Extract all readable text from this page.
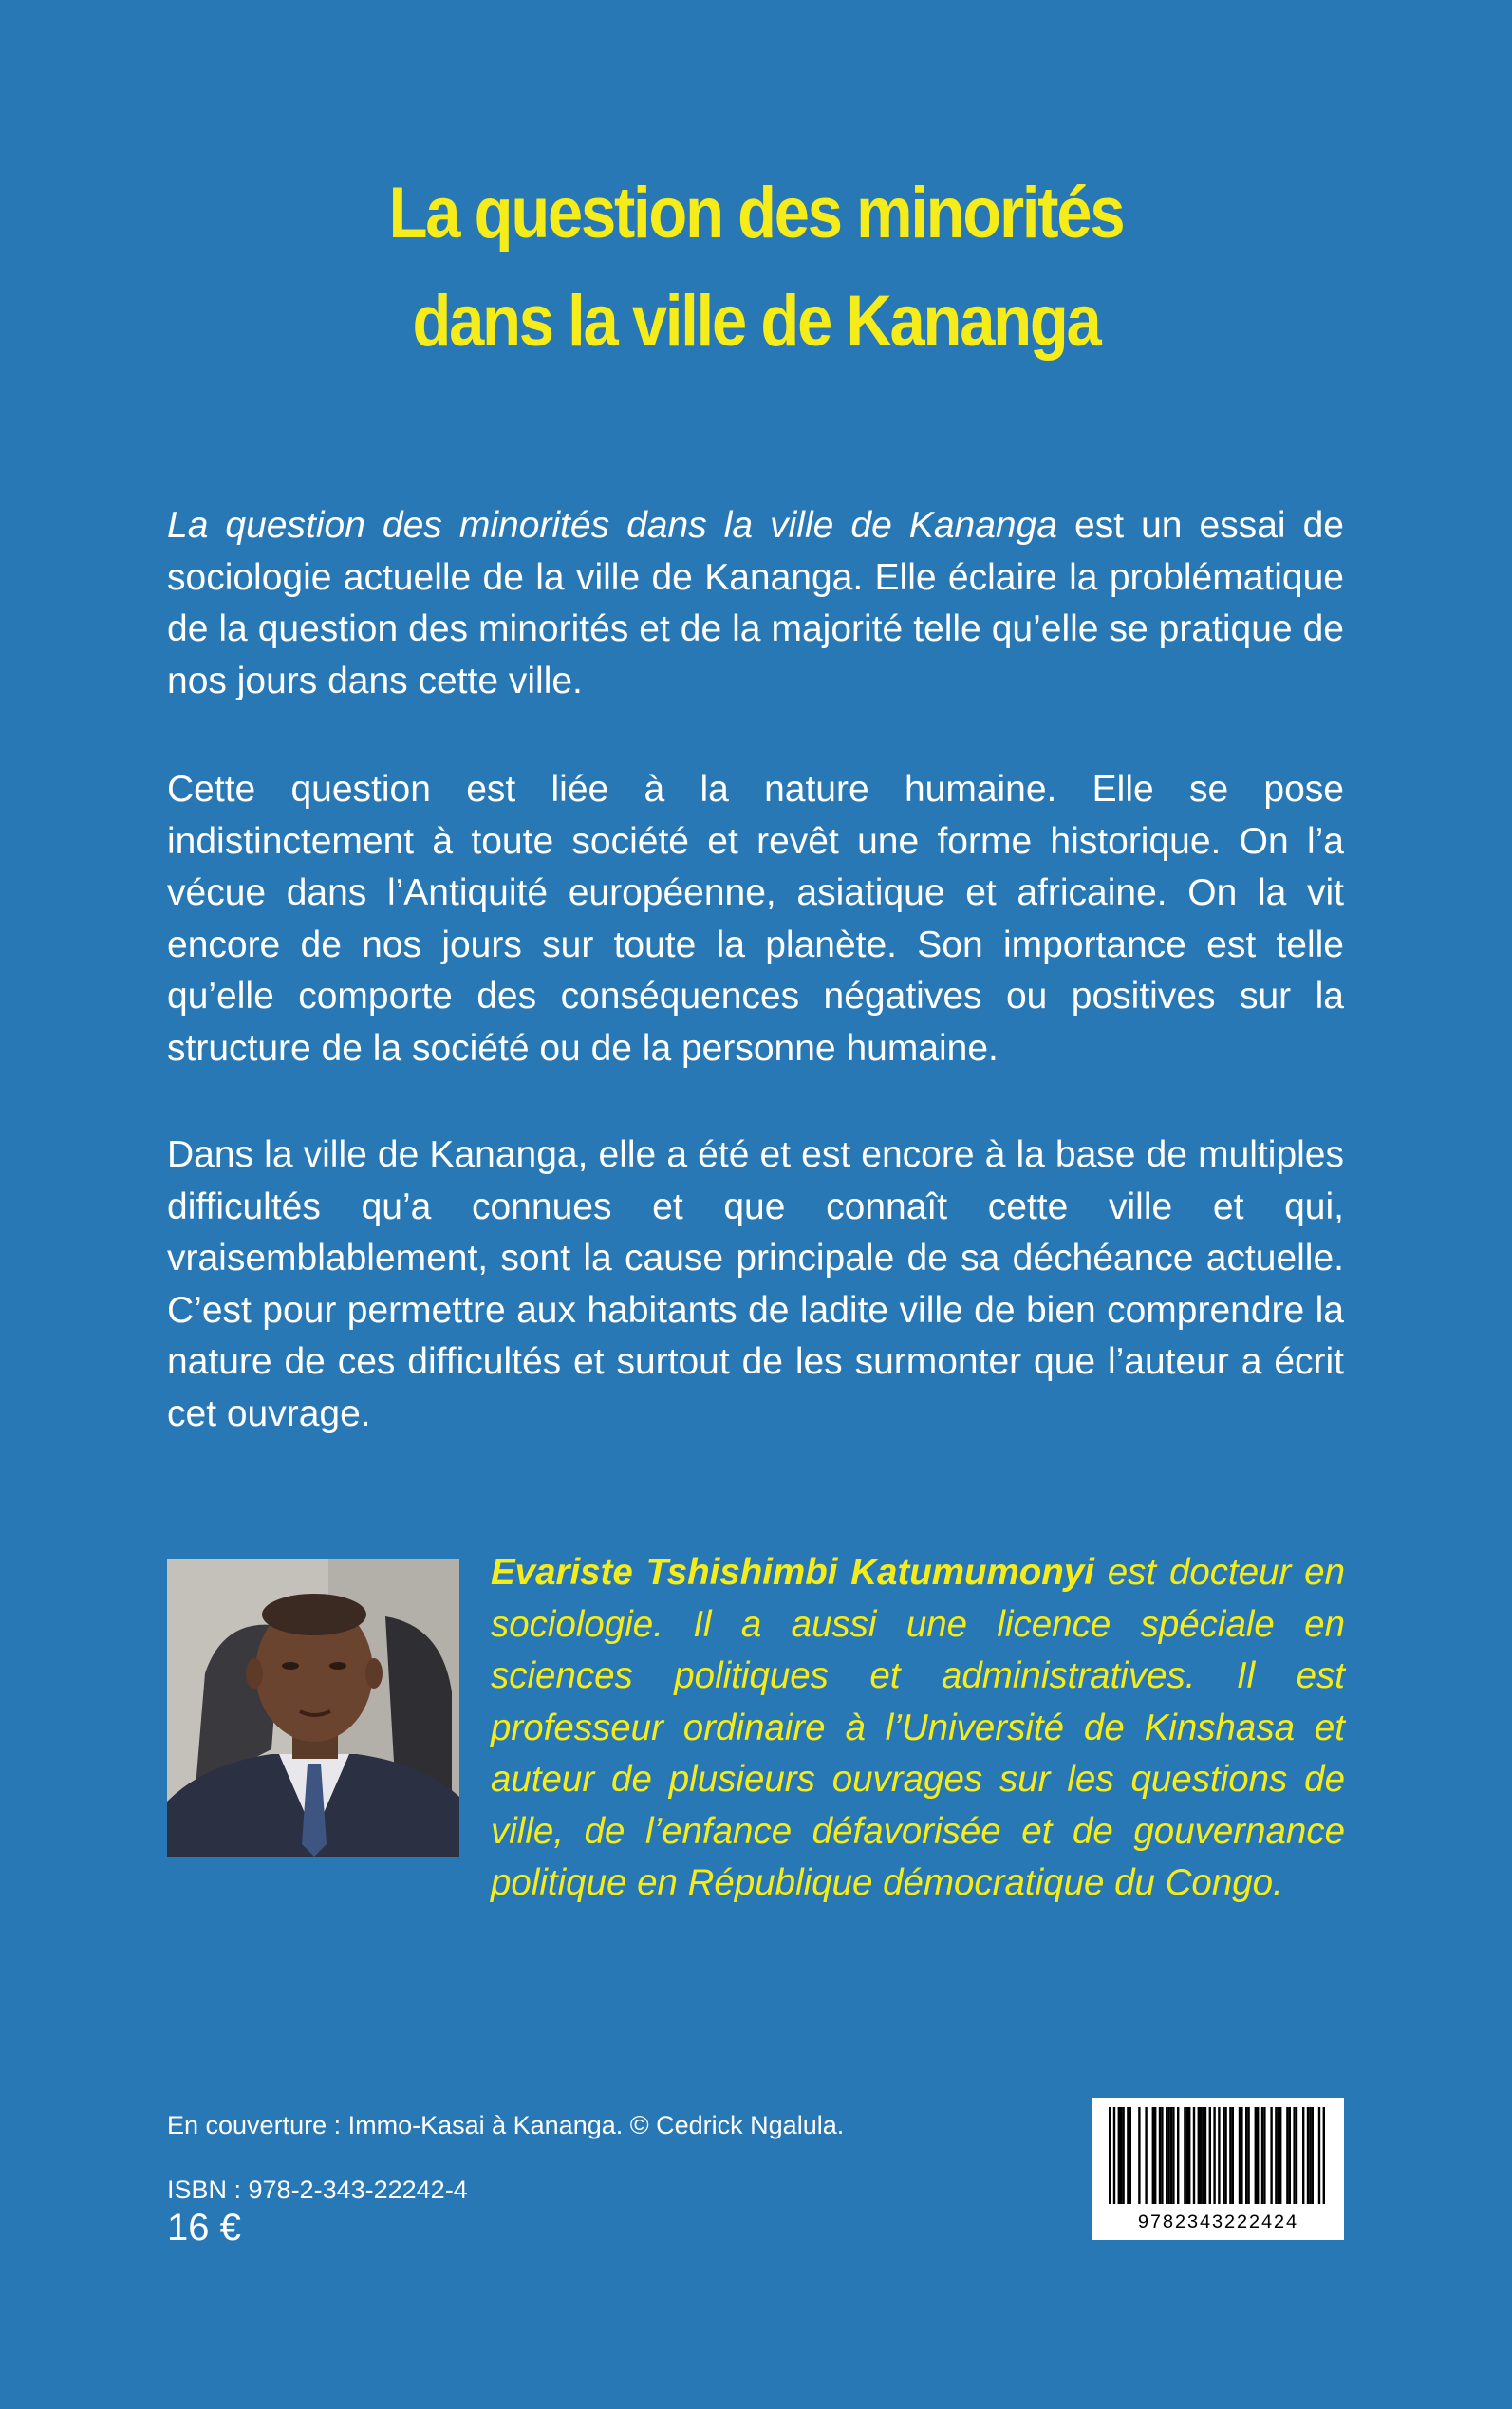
La question des minorités
dans la ville de Kananga

La question des minorités dans la ville de Kananga est un essai de sociologie actuelle de la ville de Kananga. Elle éclaire la problématique de la question des minorités et de la majorité telle qu’elle se pratique de nos jours dans cette ville.

Cette question est liée à la nature humaine. Elle se pose indistinctement à toute société et revêt une forme historique. On l’a vécue dans l’Antiquité européenne, asiatique et africaine. On la vit encore de nos jours sur toute la planète. Son importance est telle qu’elle comporte des conséquences négatives ou positives sur la structure de la société ou de la personne humaine.

Dans la ville de Kananga, elle a été et est encore à la base de multiples difficultés qu’a connues et que connaît cette ville et qui, vraisemblablement, sont la cause principale de sa déchéance actuelle. C’est pour permettre aux habitants de ladite ville de bien comprendre la nature de ces difficultés et surtout de les surmonter que l’auteur a écrit cet ouvrage.

Evariste Tshishimbi Katumumonyi est docteur en sociologie. Il a aussi une licence spéciale en sciences politiques et administratives. Il est professeur ordinaire à l’Université de Kinshasa et auteur de plusieurs ouvrages sur les questions de ville, de l’enfance défavorisée et de gouvernance politique en République démocratique du Congo.
En couverture : Immo-Kasai à Kananga. © Cedrick Ngalula.
ISBN : 978-2-343-22242-4
16 €	9782343222424
